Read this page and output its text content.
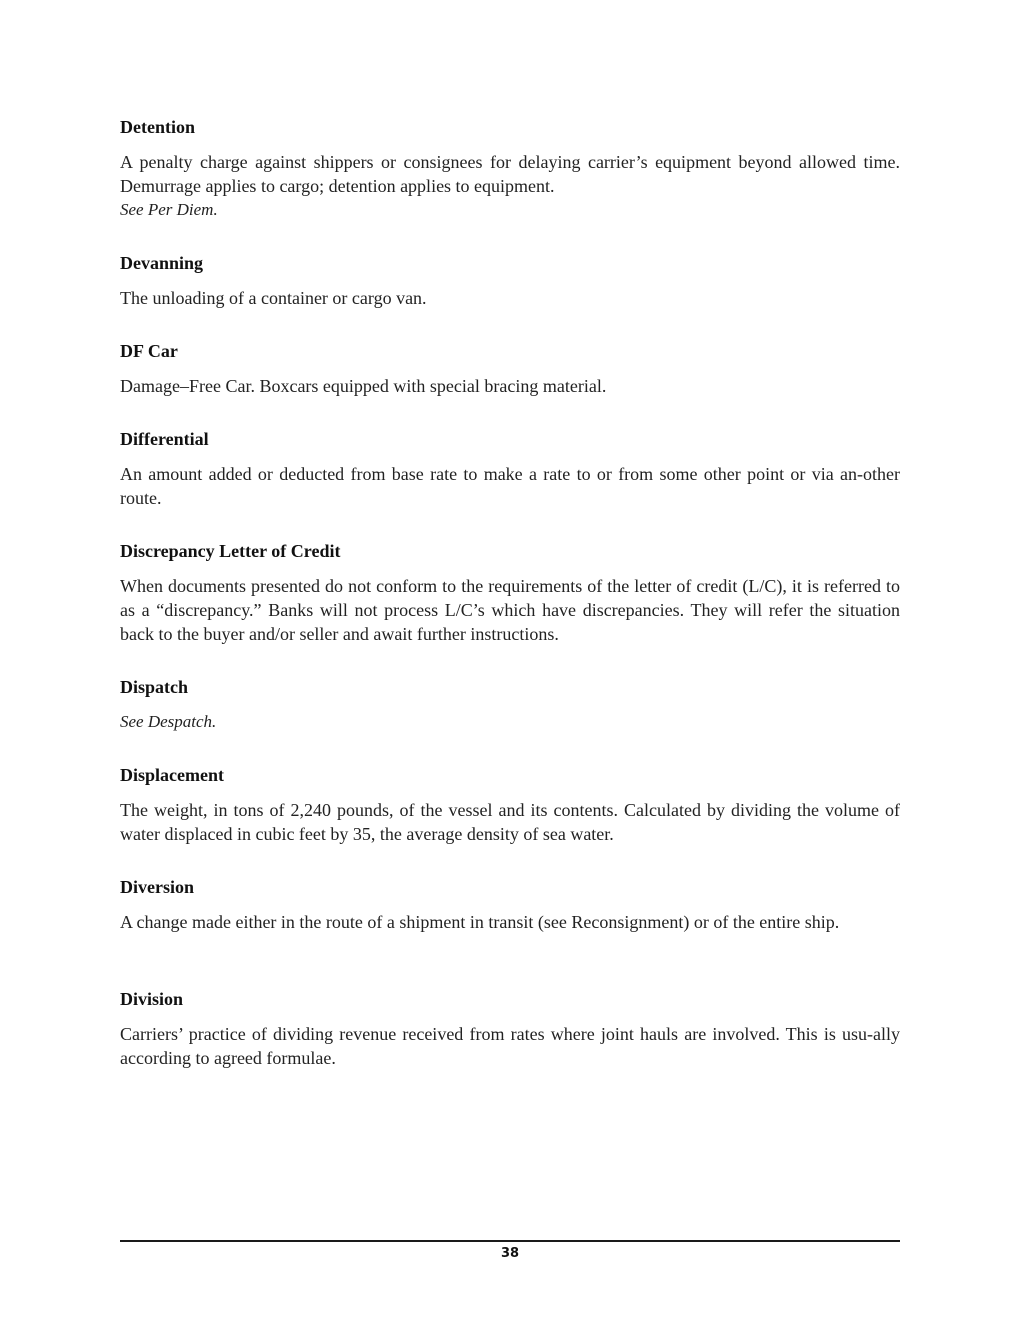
Detention

A penalty charge against shippers or consignees for delaying carrier’s equipment beyond allowed time. Demurrage applies to cargo; detention applies to equipment.

See Per Diem.

Devanning

The unloading of a container or cargo van.

DF Car

Damage–Free Car. Boxcars equipped with special bracing material.

Differential

An amount added or deducted from base rate to make a rate to or from some other point or via an-other route.

Discrepancy Letter of Credit

When documents presented do not conform to the requirements of the letter of credit (L/C), it is referred to as a “discrepancy.” Banks will not process L/C’s which have discrepancies. They will refer the situation back to the buyer and/or seller and await further instructions.

Dispatch

See Despatch.

Displacement

The weight, in tons of 2,240 pounds, of the vessel and its contents. Calculated by dividing the volume of water displaced in cubic feet by 35, the average density of sea water.

Diversion

A change made either in the route of a shipment in transit (see Reconsignment) or of the entire ship.

Division

Carriers’ practice of dividing revenue received from rates where joint hauls are involved. This is usu-ally according to agreed formulae.

38
